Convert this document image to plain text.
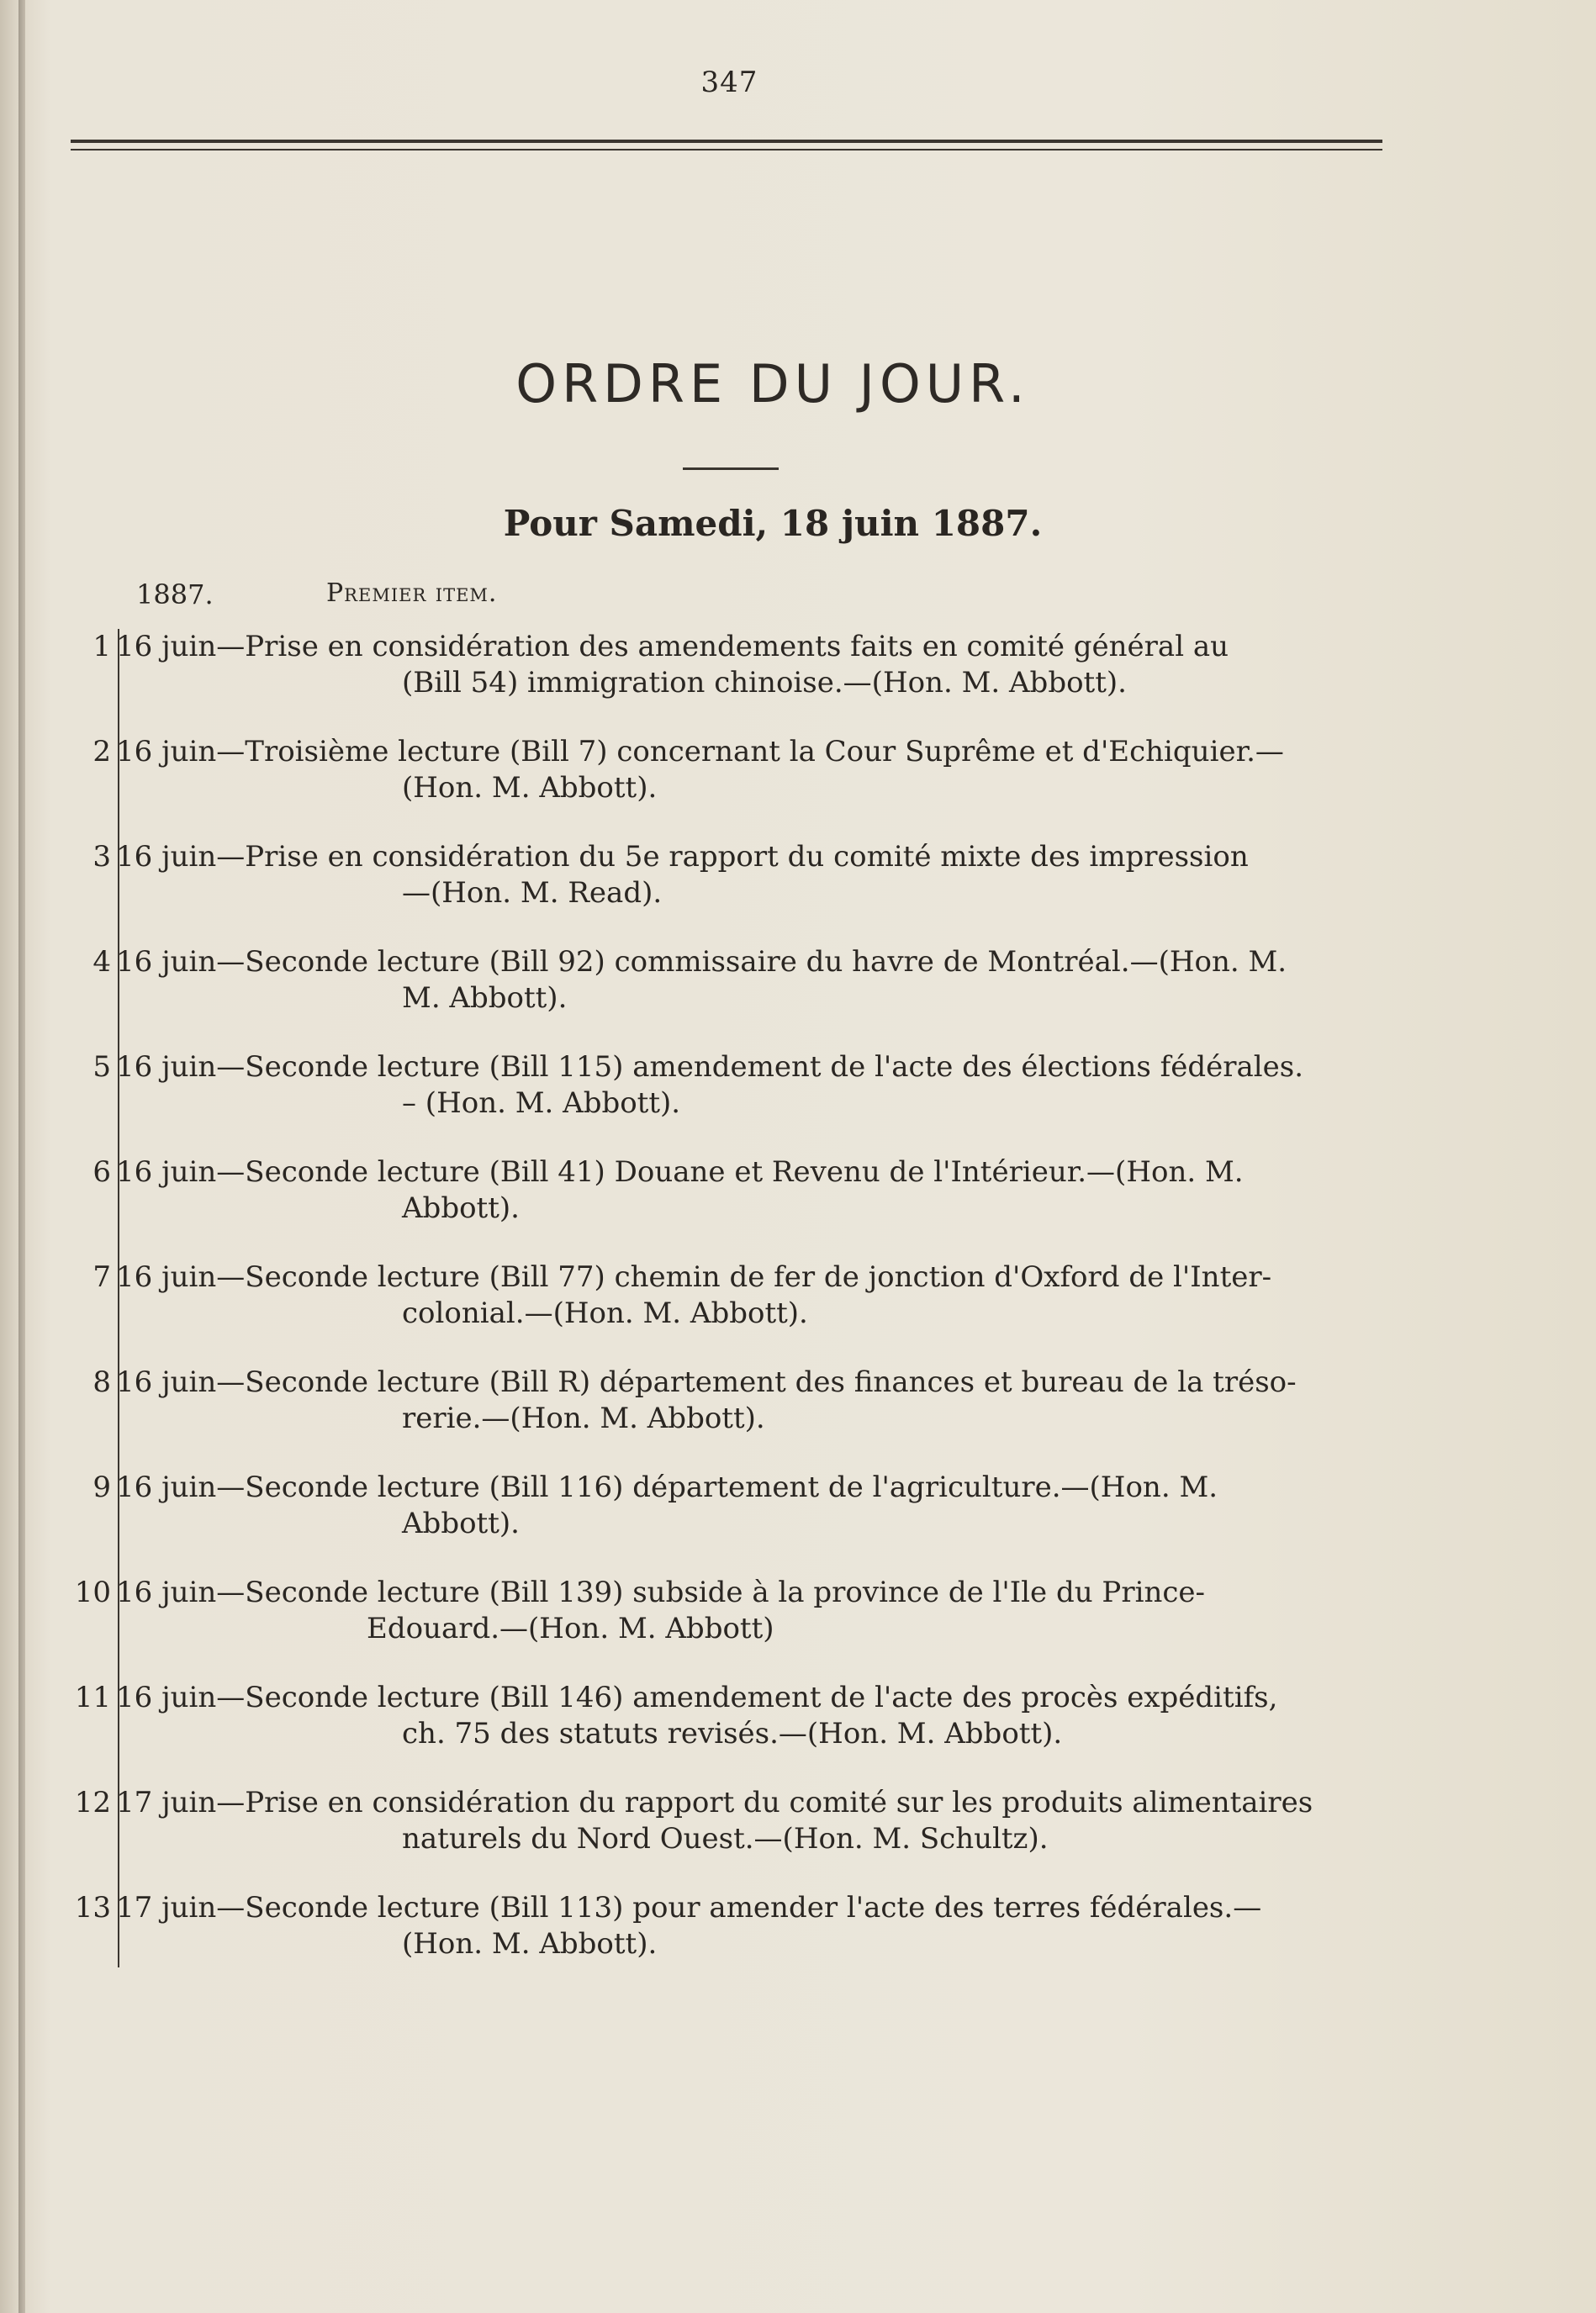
347
ORDRE DU JOUR.
Pour Samedi, 18 juin 1887.
1887.	Premier item.
1 16 juin—Prise en considération des amendements faits en comité général au
(Bill 54) immigration chinoise.—(Hon. M. Abbott).
2 16 juin—Troisième lecture (Bill 7) concernant la Cour Suprême et d'Echiquier.—
(Hon. M. Abbott).
3 16 juin—Prise en considération du 5e rapport du comité mixte des impression
—(Hon. M. Read).
4 16 juin—Seconde lecture (Bill 92) commissaire du havre de Montréal.—(Hon. M.
M. Abbott).
5 16 juin—Seconde lecture (Bill 115) amendement de l'acte des élections fédérales.
– (Hon. M. Abbott).
6 16 juin—Seconde lecture (Bill 41) Douane et Revenu de l'Intérieur.—(Hon. M.
Abbott).
7 16 juin—Seconde lecture (Bill 77) chemin de fer de jonction d'Oxford de l'Inter-
colonial.—(Hon. M. Abbott).
8 16 juin—Seconde lecture (Bill R) département des finances et bureau de la tréso-
rerie.—(Hon. M. Abbott).
9 16 juin—Seconde lecture (Bill 116) département de l'agriculture.—(Hon. M.
Abbott).
10 16 juin—Seconde lecture (Bill 139) subside à la province de l'Ile du Prince-
Edouard.—(Hon. M. Abbott)
11 16 juin—Seconde lecture (Bill 146) amendement de l'acte des procès expéditifs,
ch. 75 des statuts revisés.—(Hon. M. Abbott).
12 17 juin—Prise en considération du rapport du comité sur les produits alimentaires
naturels du Nord Ouest.—(Hon. M. Schultz).
13 17 juin—Seconde lecture (Bill 113) pour amender l'acte des terres fédérales.—
(Hon. M. Abbott).
